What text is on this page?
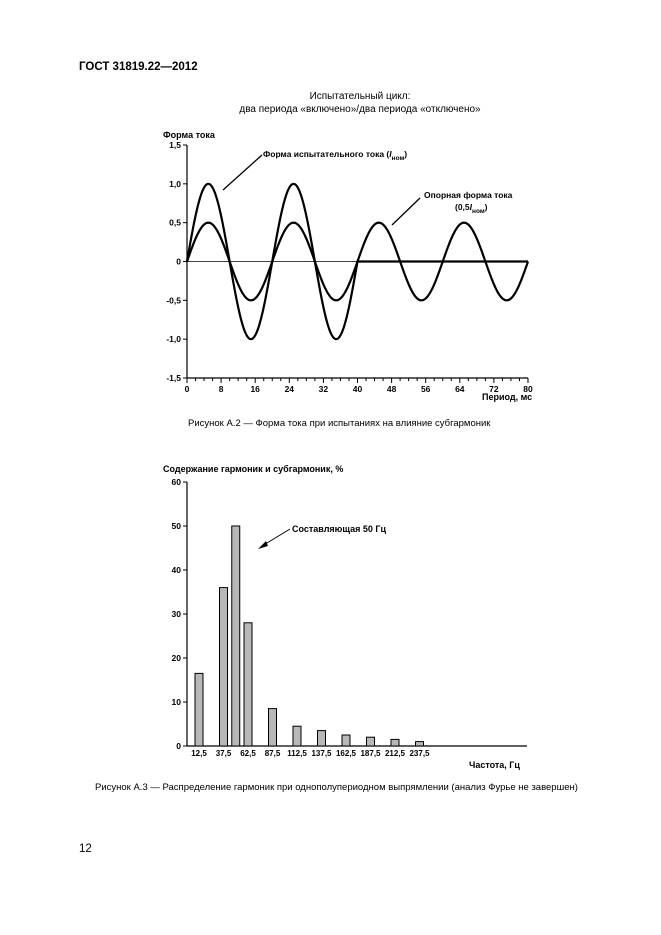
ГОСТ 31819.22—2012
Испытательный цикл:
два периода «включено»/два периода «отключено»
1,5
1,0
0,5
0
-0,5
-1,0
-1,5
0	8	16	24	32	40	48	56	64	72	80
Форма тока
Период, мс
Форма испытательного тока $(I_{ном})$
Опорная форма тока
$(0,5I_{ном})$
Рисунок А.2 — Форма тока при испытаниях на влияние субгармоник
Содержание гармоник и субгармоник, %
60
50
40
30
20
10
0
12,5 37,5 62,5 87,5 112,5 137,5 162,5 187,5 212,5 237,5
Частота, Гц
Составляющая 50 Гц
Рисунок А.3 — Распределение гармоник при однополупериодном выпрямлении (анализ Фурье не завершен)
12
